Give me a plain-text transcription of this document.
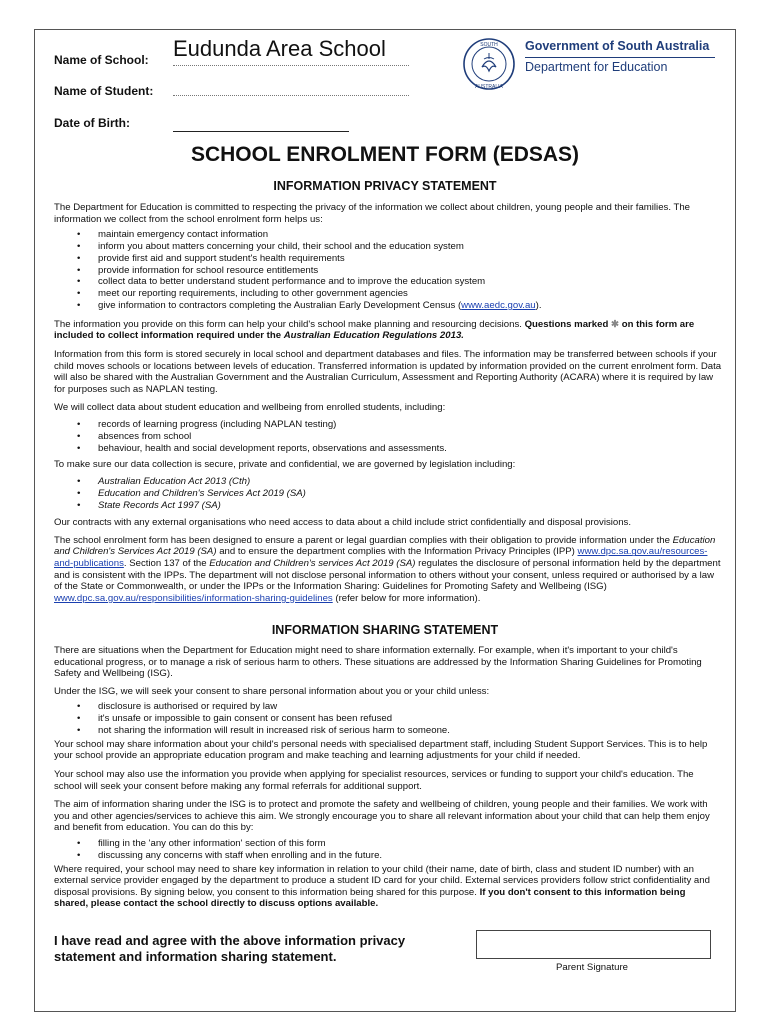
Name of School: Eudunda Area School
Name of Student:
Date of Birth:
SOUTH
AUSTRALIA
Government of South Australia
Department for Education
SCHOOL ENROLMENT FORM (EDSAS)
INFORMATION PRIVACY STATEMENT

The Department for Education is committed to respecting the privacy of the information we collect about children, young people and their families. The information we collect from the school enrolment form helps us:

• maintain emergency contact information
• inform you about matters concerning your child, their school and the education system
• provide first aid and support student's health requirements
• provide information for school resource entitlements
• collect data to better understand student performance and to improve the education system
• meet our reporting requirements, including to other government agencies
• give information to contractors completing the Australian Early Development Census (www.aedc.gov.au).

The information you provide on this form can help your child's school make planning and resourcing decisions. Questions marked ✱ on this form are included to collect information required under the Australian Education Regulations 2013.

Information from this form is stored securely in local school and department databases and files. The information may be transferred between schools if your child moves schools or locations between levels of education. Transferred information is updated by information provided on the current enrolment form. Data will also be shared with the Australian Government and the Australian Curriculum, Assessment and Reporting Authority (ACARA) where it is required by law for purposes such as NAPLAN testing.

We will collect data about student education and wellbeing from enrolled students, including:

• records of learning progress (including NAPLAN testing)
• absences from school
• behaviour, health and social development reports, observations and assessments.

To make sure our data collection is secure, private and confidential, we are governed by legislation including:

• Australian Education Act 2013 (Cth)
• Education and Children's Services Act 2019 (SA)
• State Records Act 1997 (SA)

Our contracts with any external organisations who need access to data about a child include strict confidentially and disposal provisions.

The school enrolment form has been designed to ensure a parent or legal guardian complies with their obligation to provide information under the Education and Children's Services Act 2019 (SA) and to ensure the department complies with the Information Privacy Principles (IPP) www.dpc.sa.gov.au/resources-and-publications. Section 137 of the Education and Children's services Act 2019 (SA) regulates the disclosure of personal information held by the department and is consistent with the IPPs. The department will not disclose personal information to others without your consent, unless required or authorised by a law of the State or Commonwealth, or under the IPPs or the Information Sharing: Guidelines for Promoting Safety and Wellbeing (ISG) www.dpc.sa.gov.au/responsibilities/information-sharing-guidelines (refer below for more information).

INFORMATION SHARING STATEMENT

There are situations when the Department for Education might need to share information externally. For example, when it's important to your child's educational progress, or to manage a risk of serious harm to others. These situations are addressed by the Information Sharing Guidelines for Promoting Safety and Wellbeing (ISG).

Under the ISG, we will seek your consent to share personal information about you or your child unless:

• disclosure is authorised or required by law
• it's unsafe or impossible to gain consent or consent has been refused
• not sharing the information will result in increased risk of serious harm to someone.

Your school may share information about your child's personal needs with specialised department staff, including Student Support Services. This is to help your school provide an appropriate education program and make teaching and learning adjustments for your child if needed.

Your school may also use the information you provide when applying for specialist resources, services or funding to support your child's education. The school will seek your consent before making any formal referrals for additional support.

The aim of information sharing under the ISG is to protect and promote the safety and wellbeing of children, young people and their families. We work with you and other agencies/services to achieve this aim. We strongly encourage you to share all relevant information about your child that can help them enjoy and benefit from education. You can do this by:

• filling in the 'any other information' section of this form
• discussing any concerns with staff when enrolling and in the future.

Where required, your school may need to share key information in relation to your child (their name, date of birth, class and student ID number) with an external service provider engaged by the department to produce a student ID card for your child. External services providers follow strict confidentiality and disposal provisions. By signing below, you consent to this information being shared for this purpose. If you don't consent to this information being shared, please contact the school directly to discuss options available.

I have read and agree with the above information privacy statement and information sharing statement.
Parent Signature
